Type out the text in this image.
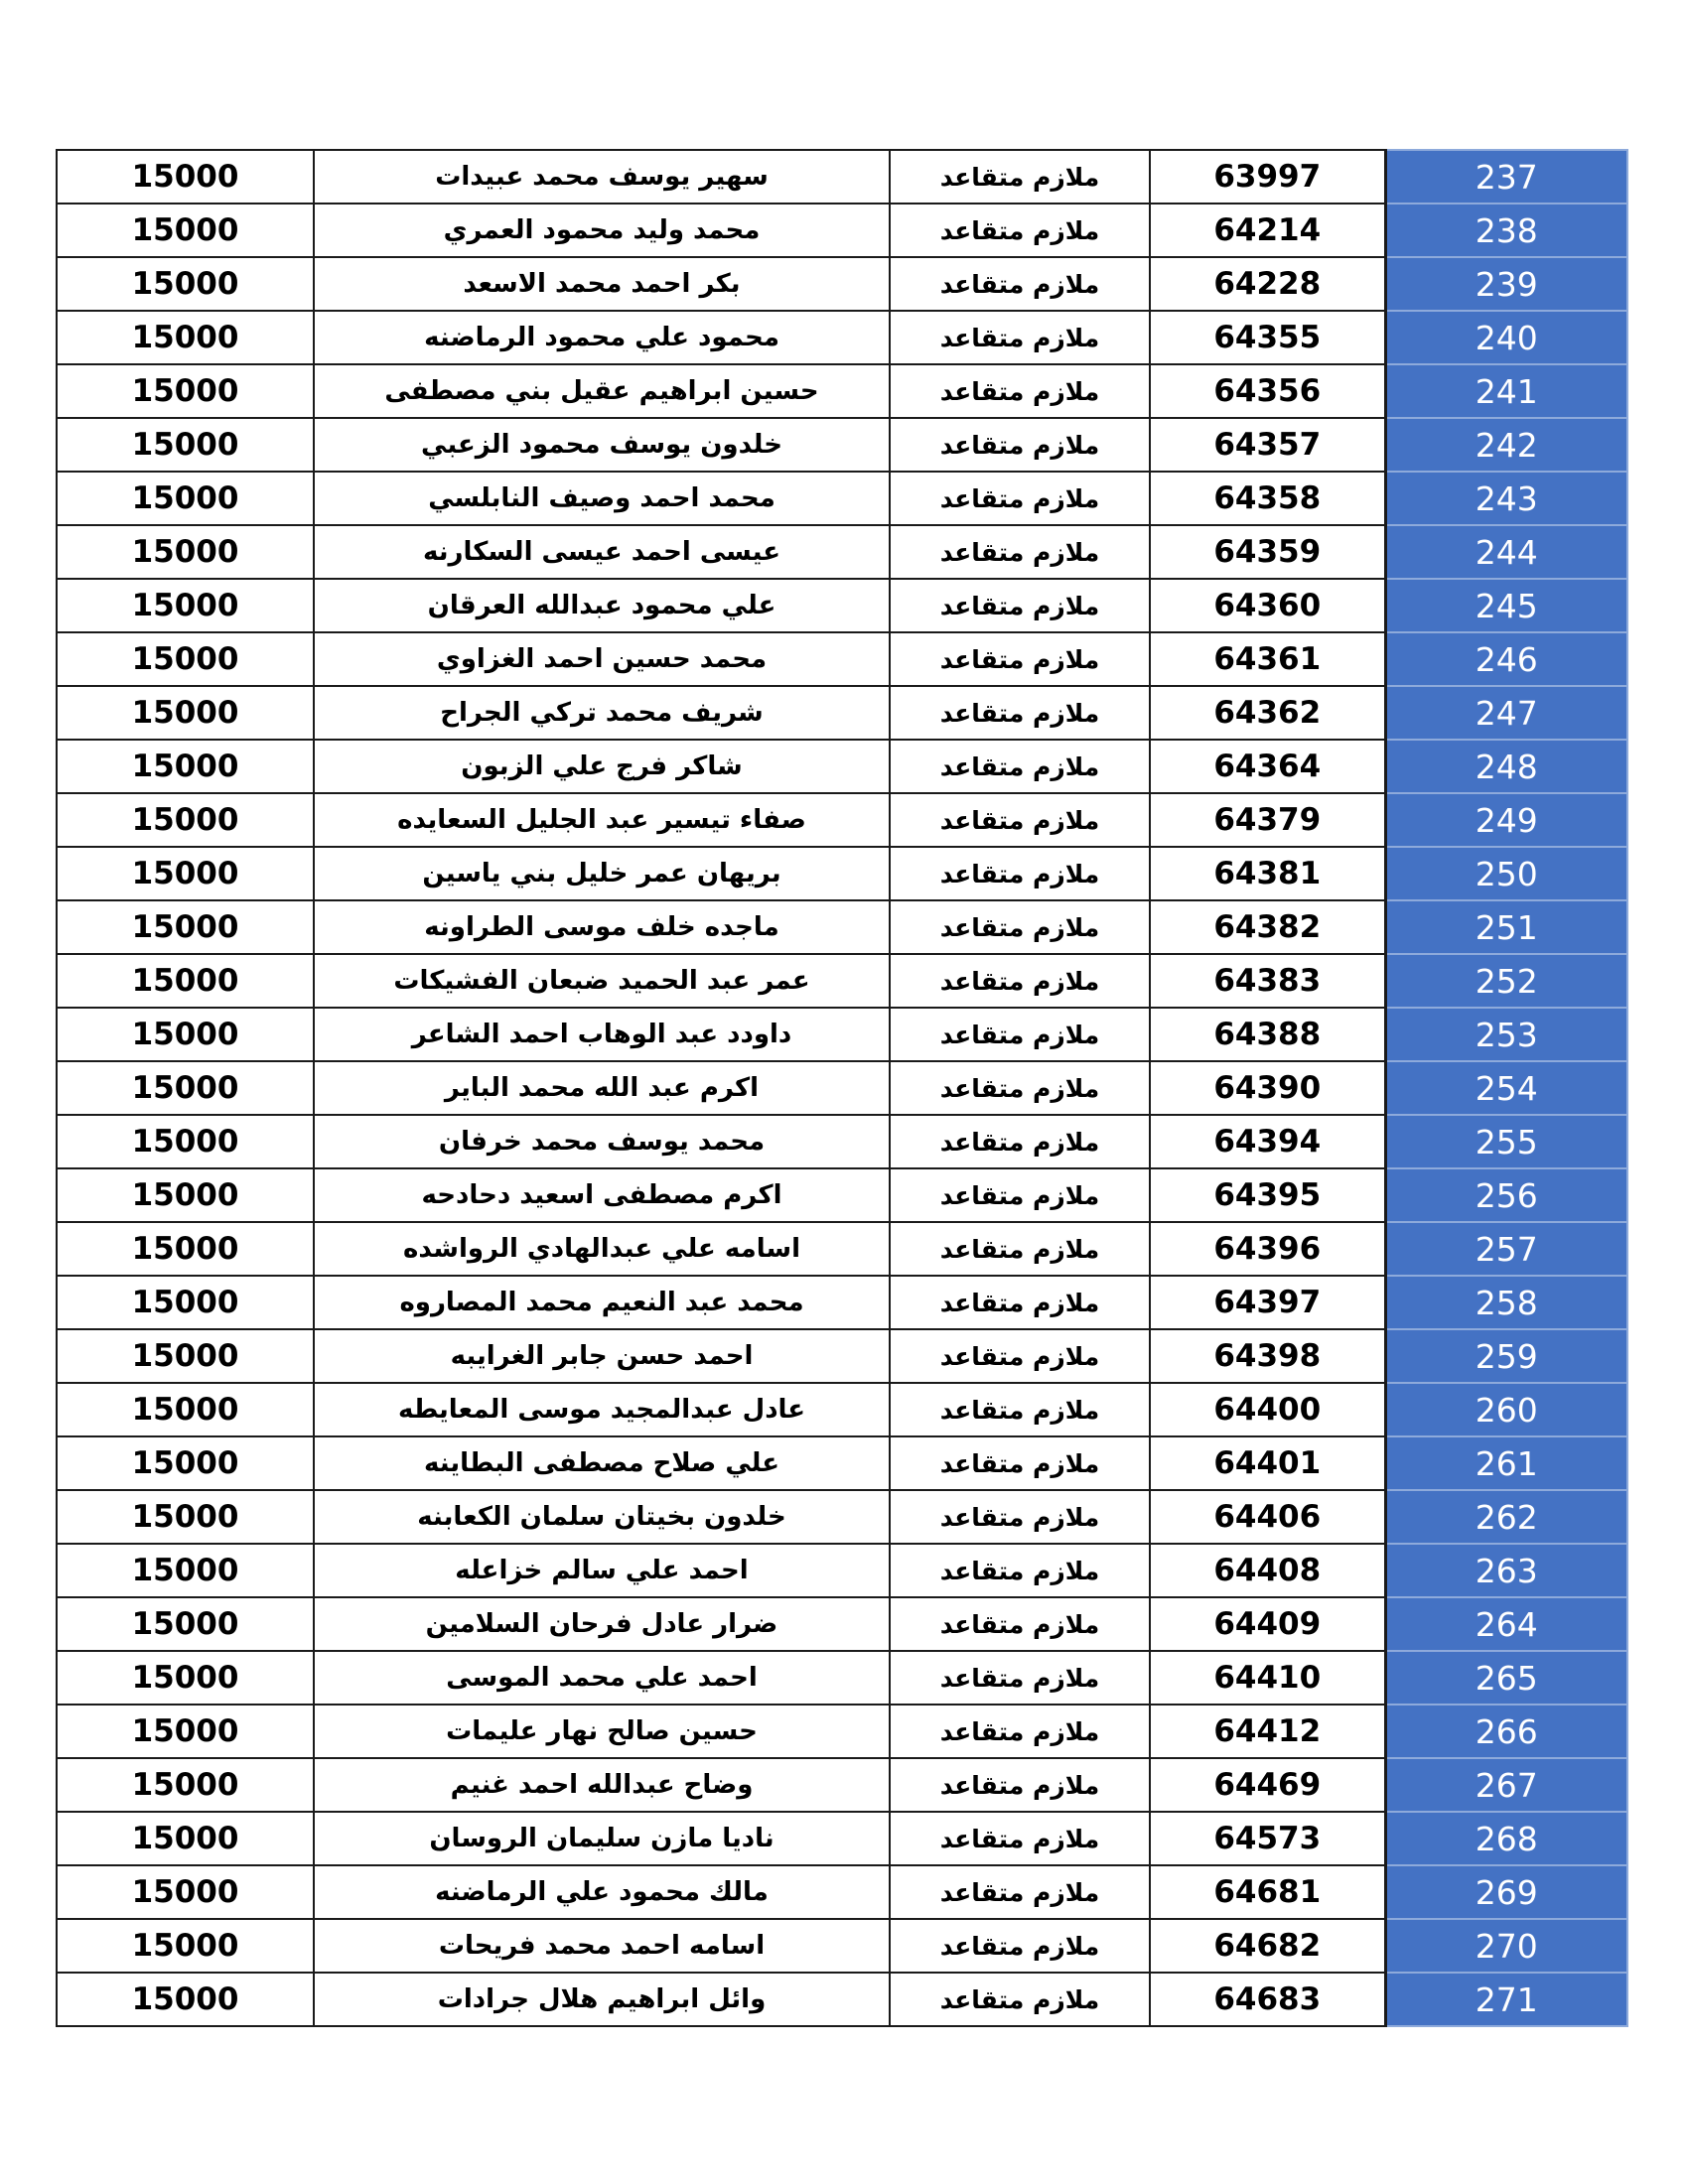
15000	سهير يوسف محمد عبيدات	ملازم متقاعد	63997	237
15000	محمد وليد محمود العمري	ملازم متقاعد	64214	238
15000	بكر احمد محمد الاسعد	ملازم متقاعد	64228	239
15000	محمود علي محمود الرماضنه	ملازم متقاعد	64355	240
15000	حسين ابراهيم عقيل بني مصطفى	ملازم متقاعد	64356	241
15000	خلدون يوسف محمود الزعبي	ملازم متقاعد	64357	242
15000	محمد احمد وصيف النابلسي	ملازم متقاعد	64358	243
15000	عيسى احمد عيسى السكارنه	ملازم متقاعد	64359	244
15000	علي محمود عبدالله العرقان	ملازم متقاعد	64360	245
15000	محمد حسين احمد الغزاوي	ملازم متقاعد	64361	246
15000	شريف محمد تركي الجراح	ملازم متقاعد	64362	247
15000	شاكر فرج علي الزبون	ملازم متقاعد	64364	248
15000	صفاء تيسير عبد الجليل السعايده	ملازم متقاعد	64379	249
15000	بريهان عمر خليل بني ياسين	ملازم متقاعد	64381	250
15000	ماجده خلف موسى الطراونه	ملازم متقاعد	64382	251
15000	عمر عبد الحميد ضبعان الفشيكات	ملازم متقاعد	64383	252
15000	داودد عبد الوهاب احمد الشاعر	ملازم متقاعد	64388	253
15000	اكرم عبد الله محمد الباير	ملازم متقاعد	64390	254
15000	محمد يوسف محمد خرفان	ملازم متقاعد	64394	255
15000	اكرم مصطفى اسعيد دحادحه	ملازم متقاعد	64395	256
15000	اسامه علي عبدالهادي الرواشده	ملازم متقاعد	64396	257
15000	محمد عبد النعيم محمد المصاروه	ملازم متقاعد	64397	258
15000	احمد حسن جابر الغرايبه	ملازم متقاعد	64398	259
15000	عادل عبدالمجيد موسى المعايطه	ملازم متقاعد	64400	260
15000	علي صلاح مصطفى البطاينه	ملازم متقاعد	64401	261
15000	خلدون بخيتان سلمان الكعابنه	ملازم متقاعد	64406	262
15000	احمد علي سالم خزاعله	ملازم متقاعد	64408	263
15000	ضرار عادل فرحان السلامين	ملازم متقاعد	64409	264
15000	احمد علي محمد الموسى	ملازم متقاعد	64410	265
15000	حسين صالح نهار عليمات	ملازم متقاعد	64412	266
15000	وضاح عبدالله احمد غنيم	ملازم متقاعد	64469	267
15000	ناديا مازن سليمان الروسان	ملازم متقاعد	64573	268
15000	مالك محمود علي الرماضنه	ملازم متقاعد	64681	269
15000	اسامه احمد محمد فريحات	ملازم متقاعد	64682	270
15000	وائل ابراهيم هلال جرادات	ملازم متقاعد	64683	271
